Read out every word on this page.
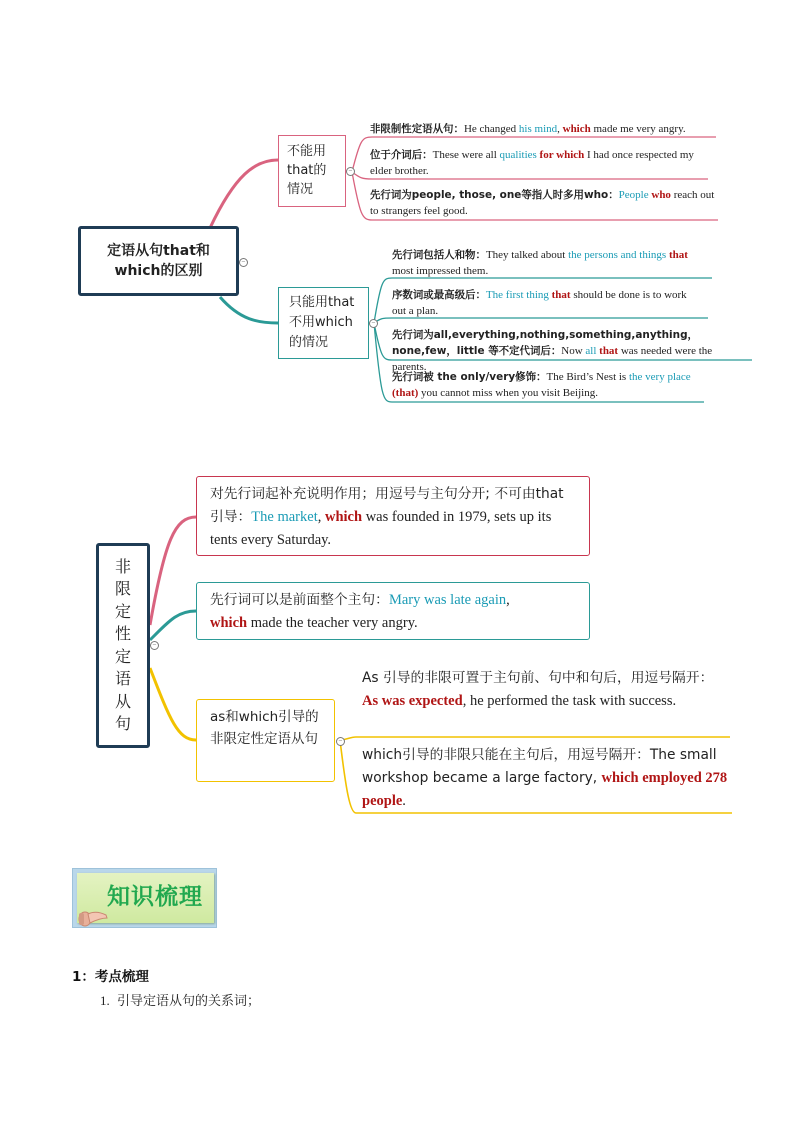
定语从句that和which的区别
−
不能用that的情况
−
只能用that不用which的情况
−
非限制性定语从句：He changed his mind, which made me very angry.
位于介词后：These were all qualities for which I had once respected my elder brother.
先行词为people, those, one等指人时多用who：People who reach out to strangers feel good.
先行词包括人和物：They talked about the persons and things that most impressed them.
序数词或最高级后：The first thing that should be done is to work out a plan.
先行词为all,everything,nothing,something,anything，none,few，little 等不定代词后：Now all that was needed were the parents.
先行词被 the only/very修饰：The Bird’s Nest is the very place (that) you cannot miss when you visit Beijing.
非限定性定语从句
−
对先行词起补充说明作用；用逗号与主句分开; 不可由that引导：The market, which was founded in 1979, sets up its tents every Saturday.
先行词可以是前面整个主句：Mary was late again,
which made the teacher very angry.
as和which引导的非限定性定语从句	−
As 引导的非限可置于主句前、句中和句后，用逗号隔开：As was expected, he performed the task with success.
which引导的非限只能在主句后，用逗号隔开：The small workshop became a large factory, which employed 278 people.
知识梳理
1：考点梳理
1. 引导定语从句的关系词；
